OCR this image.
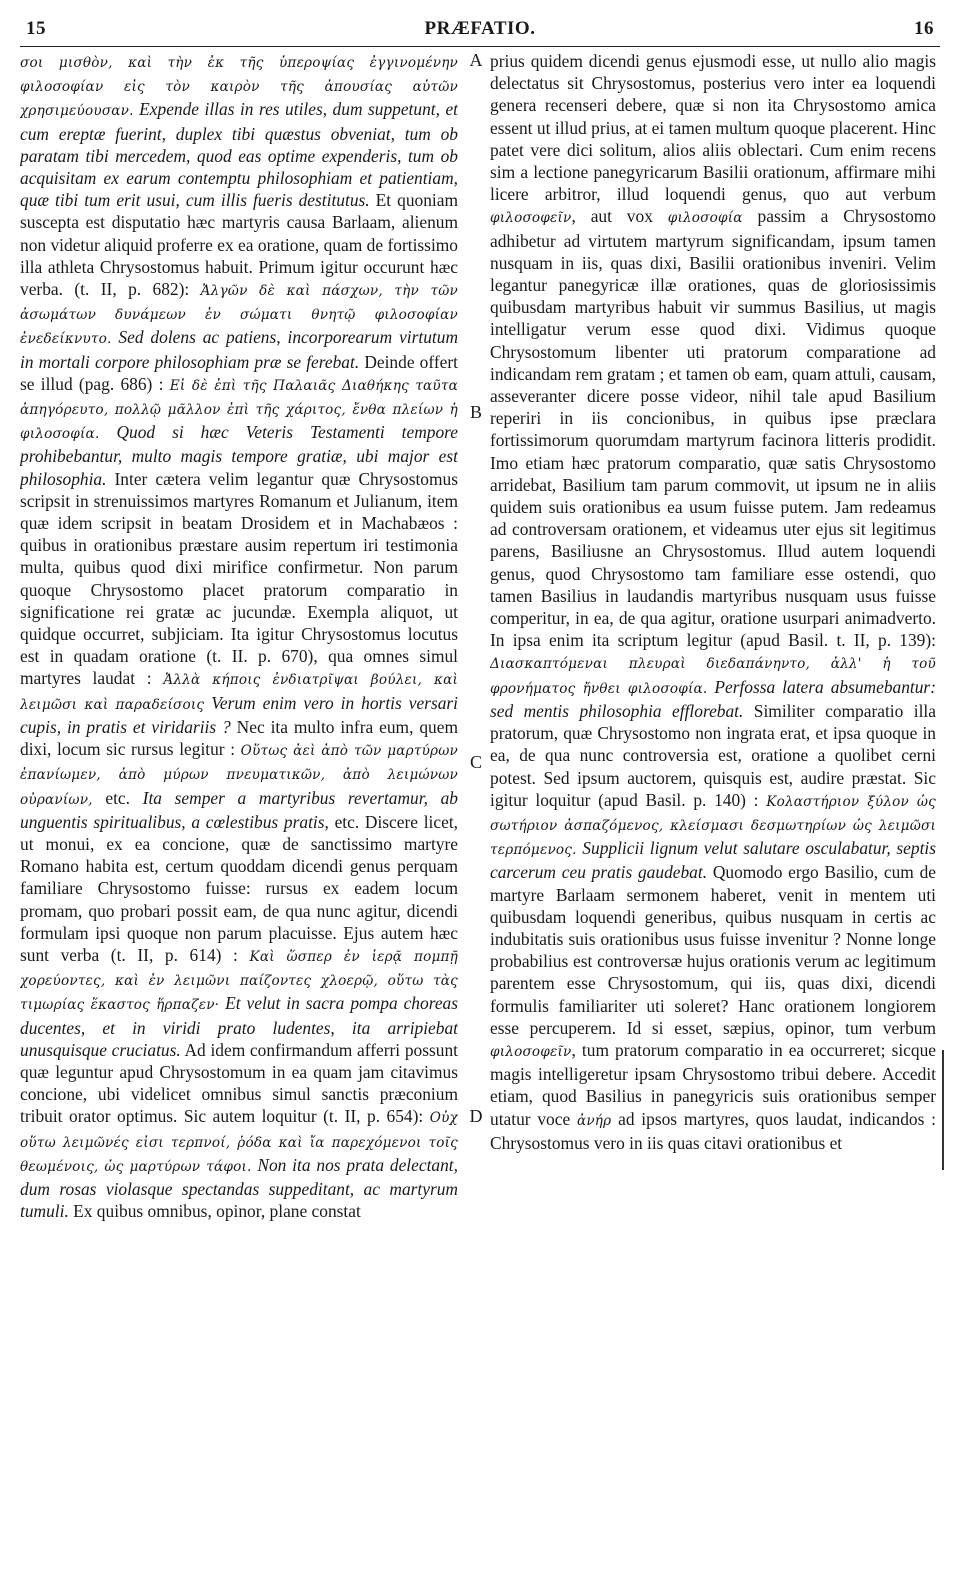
15	PRÆFATIO.	16

σοι μισθὸν, καὶ τὴν ἐκ τῆς ὑπεροψίας ἐγγινομένην φιλοσοφίαν εἰς τὸν καιρὸν τῆς ἀπουσίας αὐτῶν χρησιμεύουσαν. Expende illas in res utiles, dum suppetunt, et cum ereptæ fuerint, duplex tibi quæstus obveniat, tum ob paratam tibi mercedem, quod eas optime expenderis, tum ob acquisitam ex earum contemptu philosophiam et patientiam, quæ tibi tum erit usui, cum illis fueris destitutus. Et quoniam suscepta est disputatio hæc martyris causa Barlaam, alienum non videtur aliquid proferre ex ea oratione, quam de fortissimo illa athleta Chrysostomus habuit. Primum igitur occurunt hæc verba. (t. II, p. 682): Ἀλγῶν δὲ καὶ πάσχων, τὴν τῶν ἀσωμάτων δυνάμεων ἐν σώματι θνητῷ φιλοσοφίαν ἐνεδείκνυτο. Sed dolens ac patiens, incorporearum virtutum in mortali corpore philosophiam præ se ferebat. Deinde offert se illud (pag. 686) : Εἰ δὲ ἐπὶ τῆς Παλαιᾶς Διαθήκης ταῦτα ἀπηγόρευτο, πολλῷ μᾶλλον ἐπὶ τῆς χάριτος, ἔνθα πλείων ἡ φιλοσοφία. Quod si hæc Veteris Testamenti tempore prohibebantur, multo magis tempore gratiæ, ubi major est philosophia. Inter cætera velim legantur quæ Chrysostomus scripsit in strenuissimos martyres Romanum et Julianum, item quæ idem scripsit in beatam Drosidem et in Machabæos : quibus in orationibus præstare ausim repertum iri testimonia multa, quibus quod dixi mirifice confirmetur. Non parum quoque Chrysostomo placet pratorum comparatio in significatione rei gratæ ac jucundæ. Exempla aliquot, ut quidque occurret, subjiciam. Ita igitur Chrysostomus locutus est in quadam oratione (t. II. p. 670), qua omnes simul martyres laudat : Ἀλλὰ κήποις ἐνδιατρῖψαι βούλει, καὶ λειμῶσι καὶ παραδείσοις Verum enim vero in hortis versari cupis, in pratis et viridariis ? Nec ita multo infra eum, quem dixi, locum sic rursus legitur : Οὕτως ἀεὶ ἀπὸ τῶν μαρτύρων ἐπανίωμεν, ἀπὸ μύρων πνευματικῶν, ἀπὸ λειμώνων οὐρανίων, etc. Ita semper a martyribus revertamur, ab unguentis spiritualibus, a cœlestibus pratis, etc. Discere licet, ut monui, ex ea concione, quæ de sanctissimo martyre Romano habita est, certum quoddam dicendi genus perquam familiare Chrysostomo fuisse: rursus ex eadem locum promam, quo probari possit eam, de qua nunc agitur, dicendi formulam ipsi quoque non parum placuisse. Ejus autem hæc sunt verba (t. II, p. 614) : Καὶ ὥσπερ ἐν ἱερᾷ πομπῇ χορεύοντες, καὶ ἐν λειμῶνι παίζοντες χλοερῷ, οὕτω τὰς τιμωρίας ἕκαστος ἥρπαζεν· Et velut in sacra pompa choreas ducentes, et in viridi prato ludentes, ita arripiebat unusquisque cruciatus. Ad idem confirmandum afferri possunt quæ leguntur apud Chrysostomum in ea quam jam citavimus concione, ubi videlicet omnibus simul sanctis præconium tribuit orator optimus. Sic autem loquitur (t. II, p. 654): Οὐχ οὕτω λειμῶνές εἰσι τερπνοί, ῥόδα καὶ ἴα παρεχόμενοι τοῖς θεωμένοις, ὡς μαρτύρων τάφοι. Non ita nos prata delectant, dum rosas violasque spectandas suppeditant, ac martyrum tumuli. Ex quibus omnibus, opinor, plane constat

A
B
C
D

prius quidem dicendi genus ejusmodi esse, ut nullo alio magis delectatus sit Chrysostomus, posterius vero inter ea loquendi genera recenseri debere, quæ si non ita Chrysostomo amica essent ut illud prius, at ei tamen multum quoque placerent. Hinc patet vere dici solitum, alios aliis oblectari. Cum enim recens sim a lectione panegyricarum Basilii orationum, affirmare mihi licere arbitror, illud loquendi genus, quo aut verbum φιλοσοφεῖν, aut vox φιλοσοφία passim a Chrysostomo adhibetur ad virtutem martyrum significandam, ipsum tamen nusquam in iis, quas dixi, Basilii orationibus inveniri. Velim legantur panegyricæ illæ orationes, quas de gloriosissimis quibusdam martyribus habuit vir summus Basilius, ut magis intelligatur verum esse quod dixi. Vidimus quoque Chrysostomum libenter uti pratorum comparatione ad indicandam rem gratam ; et tamen ob eam, quam attuli, causam, asseveranter dicere posse videor, nihil tale apud Basilium reperiri in iis concionibus, in quibus ipse præclara fortissimorum quorumdam martyrum facinora litteris prodidit. Imo etiam hæc pratorum comparatio, quæ satis Chrysostomo arridebat, Basilium tam parum commovit, ut ipsum ne in aliis quidem suis orationibus ea usum fuisse putem. Jam redeamus ad controversam orationem, et videamus uter ejus sit legitimus parens, Basiliusne an Chrysostomus. Illud autem loquendi genus, quod Chrysostomo tam familiare esse ostendi, quo tamen Basilius in laudandis martyribus nusquam usus fuisse comperitur, in ea, de qua agitur, oratione usurpari animadverto. In ipsa enim ita scriptum legitur (apud Basil. t. II, p. 139): Διασκαπτόμεναι πλευραὶ διεδαπάνηντο, ἀλλ' ἡ τοῦ φρονήματος ἤνθει φιλοσοφία. Perfossa latera absumebantur: sed mentis philosophia efflorebat. Similiter comparatio illa pratorum, quæ Chrysostomo non ingrata erat, et ipsa quoque in ea, de qua nunc controversia est, oratione a quolibet cerni potest. Sed ipsum auctorem, quisquis est, audire præstat. Sic igitur loquitur (apud Basil. p. 140) : Κολαστήριον ξύλον ὡς σωτήριον ἀσπαζόμενος, κλείσμασι δεσμωτηρίων ὡς λειμῶσι τερπόμενος. Supplicii lignum velut salutare osculabatur, septis carcerum ceu pratis gaudebat. Quomodo ergo Basilio, cum de martyre Barlaam sermonem haberet, venit in mentem uti quibusdam loquendi generibus, quibus nusquam in certis ac indubitatis suis orationibus usus fuisse invenitur ? Nonne longe probabilius est controversæ hujus orationis verum ac legitimum parentem esse Chrysostomum, qui iis, quas dixi, dicendi formulis familiariter uti soleret? Hanc orationem longiorem esse percuperem. Id si esset, sæpius, opinor, tum verbum φιλοσοφεῖν, tum pratorum comparatio in ea occurreret; sicque magis intelligeretur ipsam Chrysostomo tribui debere. Accedit etiam, quod Basilius in panegyricis suis orationibus semper utatur voce ἀνήρ ad ipsos martyres, quos laudat, indicandos : Chrysostomus vero in iis quas citavi orationibus et
